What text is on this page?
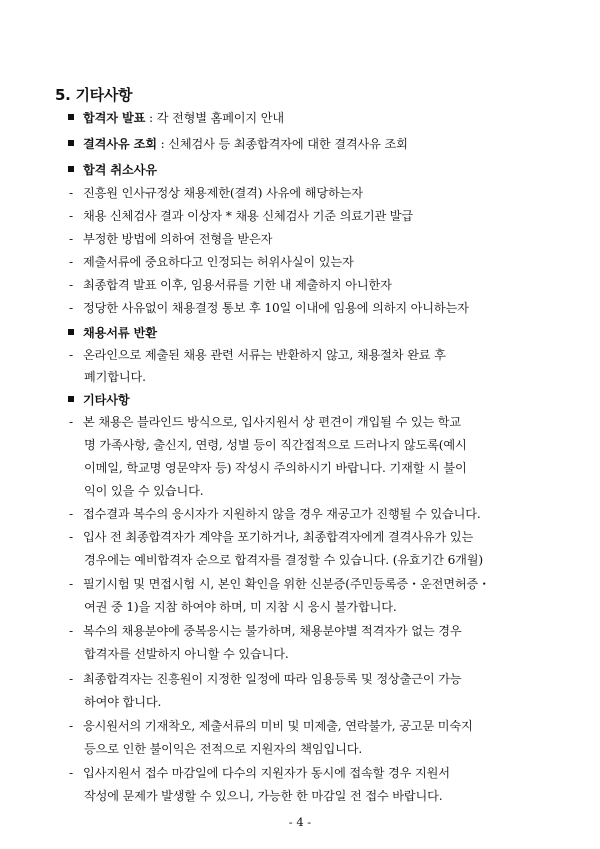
5. 기타사항
합격자 발표 : 각 전형별 홈페이지 안내
결격사유 조회 : 신체검사 등 최종합격자에 대한 결격사유 조회
합격 취소사유
- 진흥원 인사규정상 채용제한(결격) 사유에 해당하는자
- 채용 신체검사 결과 이상자 * 채용 신체검사 기준 의료기관 발급
- 부정한 방법에 의하여 전형을 받은자
- 제출서류에 중요하다고 인정되는 허위사실이 있는자
- 최종합격 발표 이후, 임용서류를 기한 내 제출하지 아니한자
- 정당한 사유없이 채용결정 통보 후 10일 이내에 임용에 의하지 아니하는자
채용서류 반환
- 온라인으로 제출된 채용 관련 서류는 반환하지 않고, 채용절차 완료 후
폐기합니다.
기타사항
- 본 채용은 블라인드 방식으로, 입사지원서 상 편견이 개입될 수 있는 학교
명 가족사항, 출신지, 연령, 성별 등이 직간접적으로 드러나지 않도록(예시
이메일, 학교명 영문약자 등) 작성시 주의하시기 바랍니다. 기재할 시 불이
익이 있을 수 있습니다.
- 접수결과 복수의 응시자가 지원하지 않을 경우 재공고가 진행될 수 있습니다.
- 입사 전 최종합격자가 계약을 포기하거나, 최종합격자에게 결격사유가 있는
경우에는 예비합격자 순으로 합격자를 결정할 수 있습니다. (유효기간 6개월)
- 필기시험 및 면접시험 시, 본인 확인을 위한 신분증(주민등록증・운전면허증・
여권 중 1)을 지참 하여야 하며, 미 지참 시 응시 불가합니다.
- 복수의 채용분야에 중복응시는 불가하며, 채용분야별 적격자가 없는 경우
합격자를 선발하지 아니할 수 있습니다.
- 최종합격자는 진흥원이 지정한 일정에 따라 임용등록 및 정상출근이 가능
하여야 합니다.
- 응시원서의 기재착오, 제출서류의 미비 및 미제출, 연락불가, 공고문 미숙지
등으로 인한 불이익은 전적으로 지원자의 책임입니다.
- 입사지원서 접수 마감일에 다수의 지원자가 동시에 접속할 경우 지원서
작성에 문제가 발생할 수 있으니, 가능한 한 마감일 전 접수 바랍니다.
- 4 -
